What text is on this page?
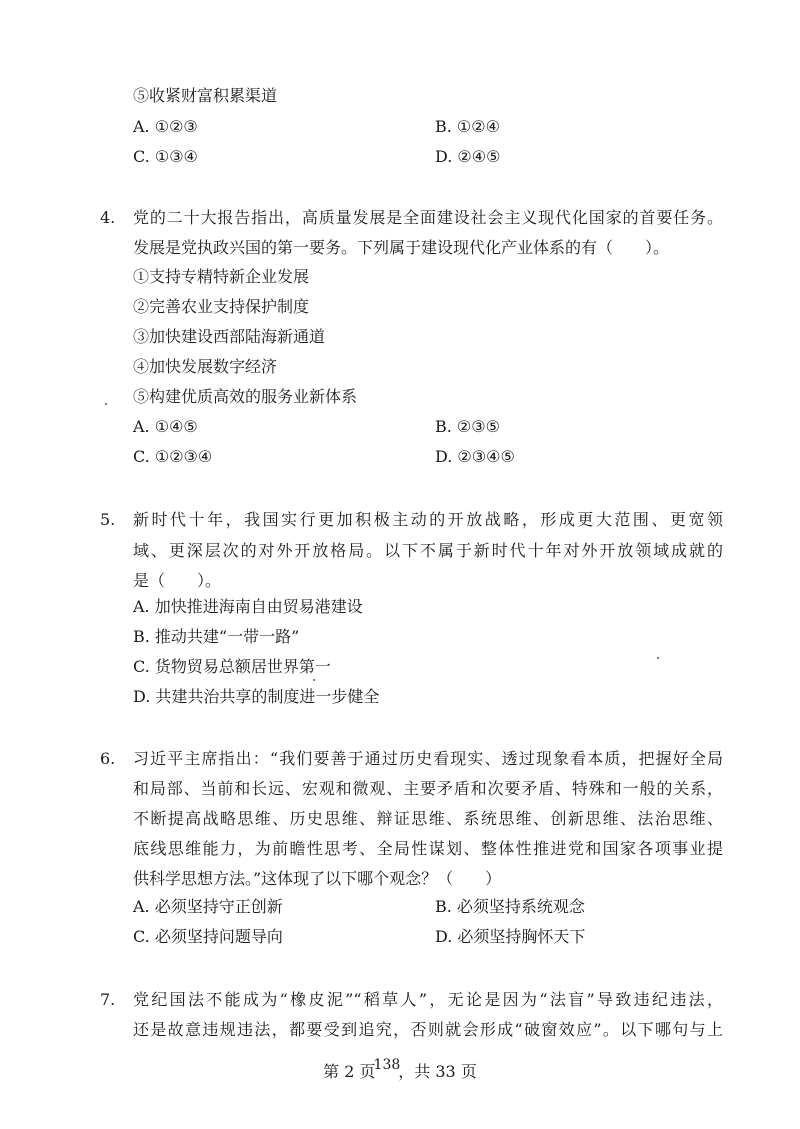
⑤收紧财富积累渠道
A. ①②③	B. ①②④
C. ①③④	D. ②④⑤
4. 党的二十大报告指出，高质量发展是全面建设社会主义现代化国家的首要任务。
发展是党执政兴国的第一要务。下列属于建设现代化产业体系的有（　　）。
①支持专精特新企业发展
②完善农业支持保护制度
③加快建设西部陆海新通道
④加快发展数字经济
⑤构建优质高效的服务业新体系
A. ①④⑤	B. ②③⑤
C. ①②③④	D. ②③④⑤
5. 新时代十年，我国实行更加积极主动的开放战略，形成更大范围、更宽领
域、更深层次的对外开放格局。以下不属于新时代十年对外开放领域成就的
是（　　）。
A. 加快推进海南自由贸易港建设
B. 推动共建“一带一路”
C. 货物贸易总额居世界第一
D. 共建共治共享的制度进一步健全
6. 习近平主席指出：“我们要善于通过历史看现实、透过现象看本质，把握好全局
和局部、当前和长远、宏观和微观、主要矛盾和次要矛盾、特殊和一般的关系，
不断提高战略思维、历史思维、辩证思维、系统思维、创新思维、法治思维、
底线思维能力，为前瞻性思考、全局性谋划、整体性推进党和国家各项事业提
供科学思想方法。”这体现了以下哪个观念？（　　）
A. 必须坚持守正创新	B. 必须坚持系统观念
C. 必须坚持问题导向	D. 必须坚持胸怀天下
7. 党纪国法不能成为“橡皮泥”“稻草人”，无论是因为“法盲”导致违纪违法，
还是故意违规违法，都要受到追究，否则就会形成“破窗效应”。以下哪句与上
第 2 页138，共 33 页
